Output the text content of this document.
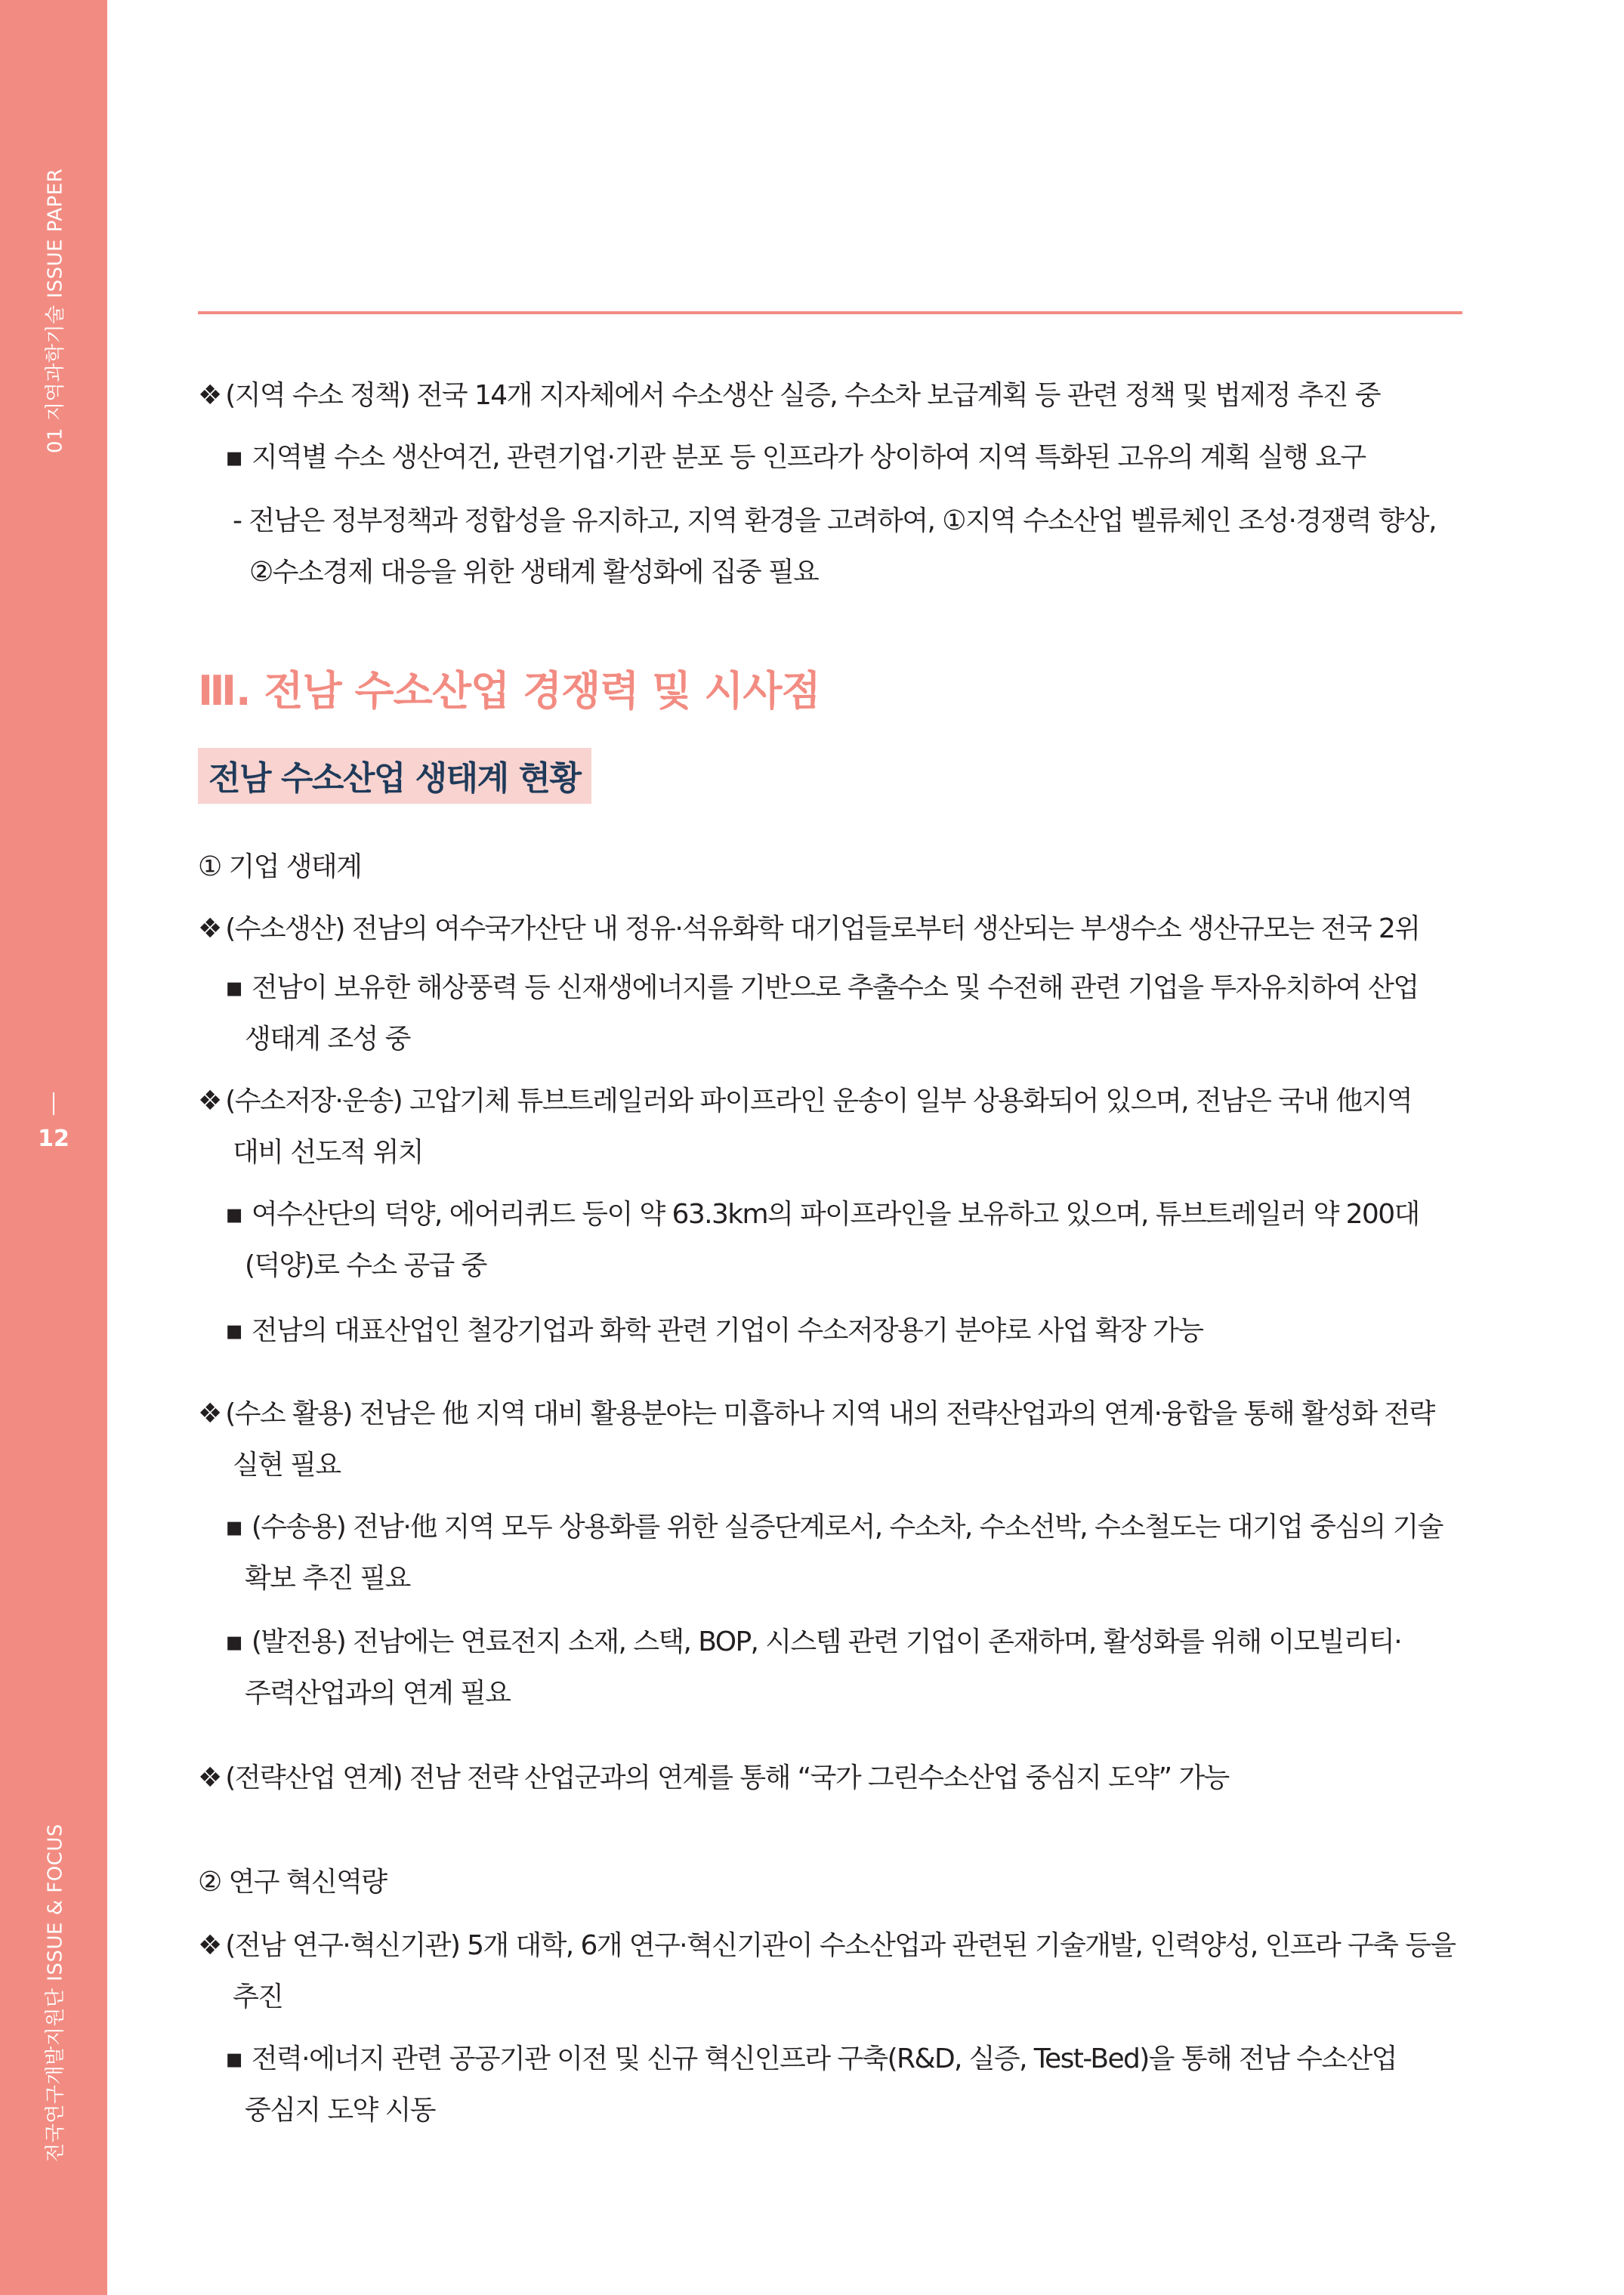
01 지역과학기술 ISSUE PAPER
12
전국연구개발지원단 ISSUE & FOCUS
❖ (지역 수소 정책) 전국 14개 지자체에서 수소생산 실증, 수소차 보급계획 등 관련 정책 및 법제정 추진 중
▪ 지역별 수소 생산여건, 관련기업·기관 분포 등 인프라가 상이하여 지역 특화된 고유의 계획 실행 요구
- 전남은 정부정책과 정합성을 유지하고, 지역 환경을 고려하여, ①지역 수소산업 벨류체인 조성·경쟁력 향상,
②수소경제 대응을 위한 생태계 활성화에 집중 필요
Ⅲ. 전남 수소산업 경쟁력 및 시사점
전남 수소산업 생태계 현황
① 기업 생태계
❖ (수소생산) 전남의 여수국가산단 내 정유·석유화학 대기업들로부터 생산되는 부생수소 생산규모는 전국 2위
▪ 전남이 보유한 해상풍력 등 신재생에너지를 기반으로 추출수소 및 수전해 관련 기업을 투자유치하여 산업
생태계 조성 중
❖ (수소저장·운송) 고압기체 튜브트레일러와 파이프라인 운송이 일부 상용화되어 있으며, 전남은 국내 他지역
대비 선도적 위치
▪ 여수산단의 덕양, 에어리퀴드 등이 약 63.3km의 파이프라인을 보유하고 있으며, 튜브트레일러 약 200대
(덕양)로 수소 공급 중
▪ 전남의 대표산업인 철강기업과 화학 관련 기업이 수소저장용기 분야로 사업 확장 가능
❖ (수소 활용) 전남은 他 지역 대비 활용분야는 미흡하나 지역 내의 전략산업과의 연계·융합을 통해 활성화 전략
실현 필요
▪ (수송용) 전남·他 지역 모두 상용화를 위한 실증단계로서, 수소차, 수소선박, 수소철도는 대기업 중심의 기술
확보 추진 필요
▪ (발전용) 전남에는 연료전지 소재, 스택, BOP, 시스템 관련 기업이 존재하며, 활성화를 위해 이모빌리티·
주력산업과의 연계 필요
❖ (전략산업 연계) 전남 전략 산업군과의 연계를 통해 “국가 그린수소산업 중심지 도약” 가능
② 연구 혁신역량
❖ (전남 연구·혁신기관) 5개 대학, 6개 연구·혁신기관이 수소산업과 관련된 기술개발, 인력양성, 인프라 구축 등을
추진
▪ 전력·에너지 관련 공공기관 이전 및 신규 혁신인프라 구축(R&D, 실증, Test-Bed)을 통해 전남 수소산업
중심지 도약 시동
